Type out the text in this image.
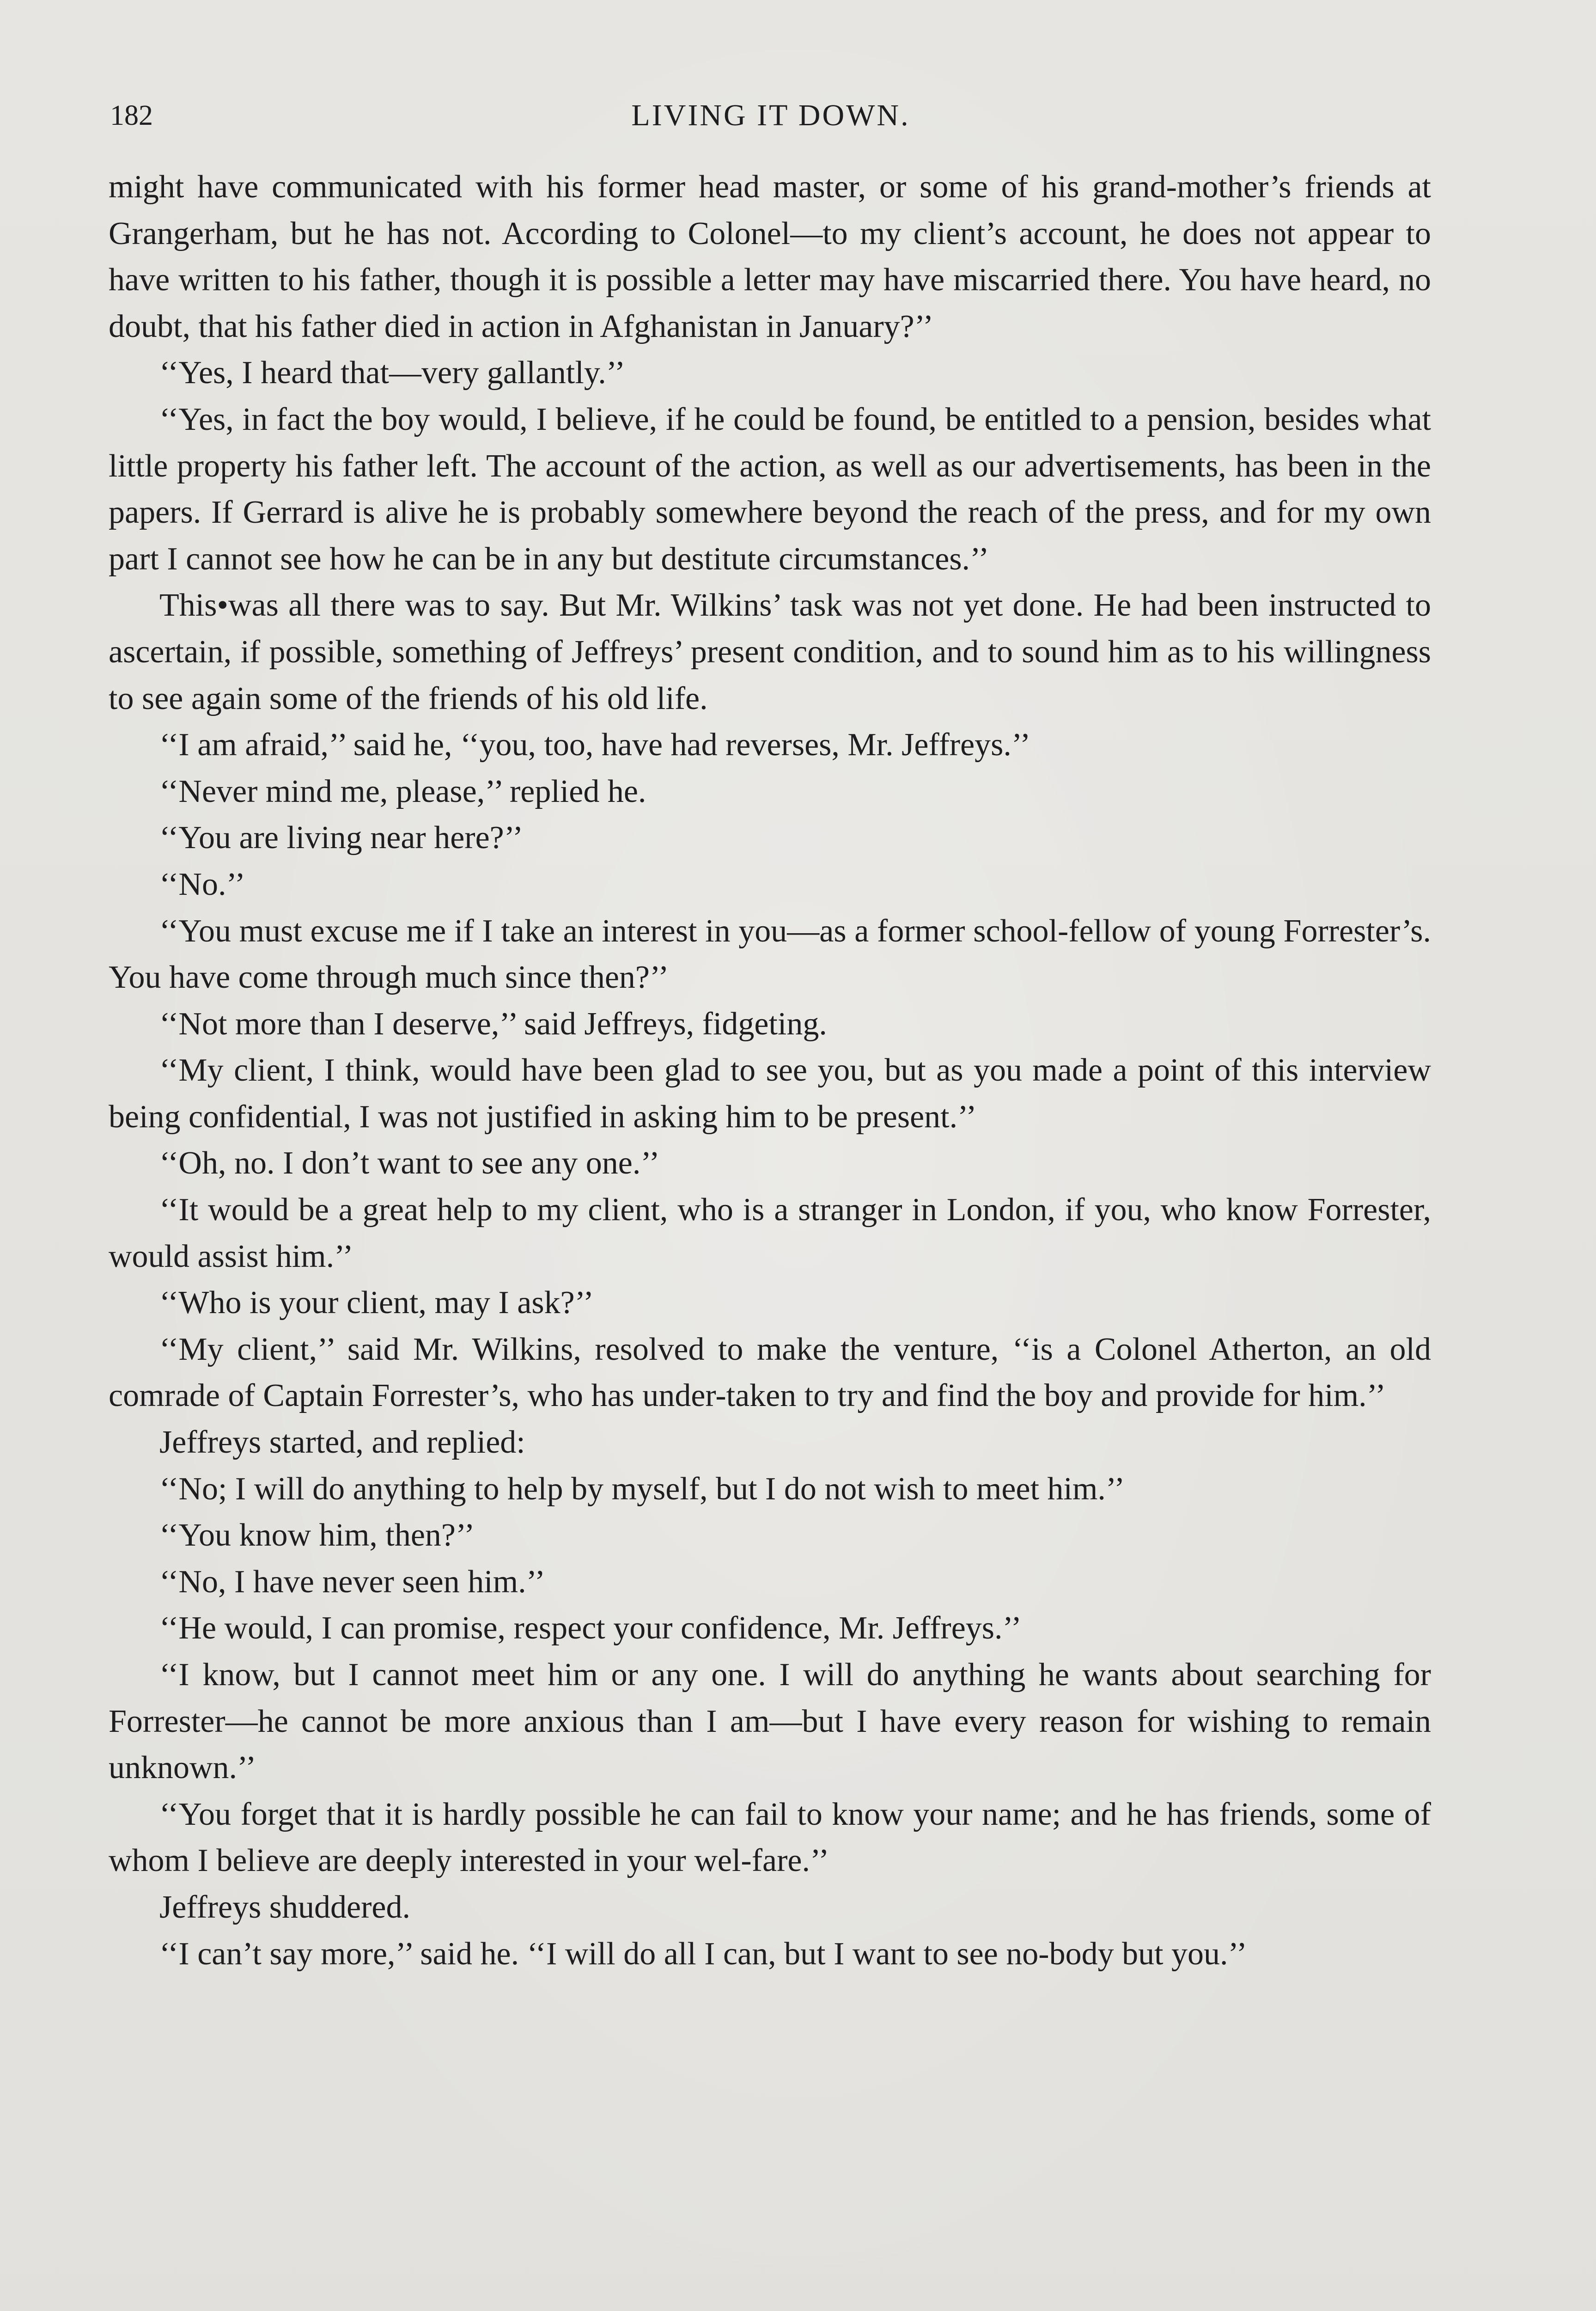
182	LIVING IT DOWN.

might have communicated with his former head master, or some of his grand-mother’s friends at Grangerham, but he has not. According to Colonel—to my client’s account, he does not appear to have written to his father, though it is possible a letter may have miscarried there. You have heard, no doubt, that his father died in action in Afghanistan in January?’’

‘‘Yes, I heard that—very gallantly.’’

‘‘Yes, in fact the boy would, I believe, if he could be found, be entitled to a pension, besides what little property his father left. The account of the action, as well as our advertisements, has been in the papers. If Gerrard is alive he is probably somewhere beyond the reach of the press, and for my own part I cannot see how he can be in any but destitute circumstances.’’

This•was all there was to say. But Mr. Wilkins’ task was not yet done. He had been instructed to ascertain, if possible, something of Jeffreys’ present condition, and to sound him as to his willingness to see again some of the friends of his old life.

‘‘I am afraid,’’ said he, ‘‘you, too, have had reverses, Mr. Jeffreys.’’

‘‘Never mind me, please,’’ replied he.

‘‘You are living near here?’’

‘‘No.’’

‘‘You must excuse me if I take an interest in you—as a former school-fellow of young Forrester’s. You have come through much since then?’’

‘‘Not more than I deserve,’’ said Jeffreys, fidgeting.

‘‘My client, I think, would have been glad to see you, but as you made a point of this interview being confidential, I was not justified in asking him to be present.’’

‘‘Oh, no. I don’t want to see any one.’’

‘‘It would be a great help to my client, who is a stranger in London, if you, who know Forrester, would assist him.’’

‘‘Who is your client, may I ask?’’

‘‘My client,’’ said Mr. Wilkins, resolved to make the venture, ‘‘is a Colonel Atherton, an old comrade of Captain Forrester’s, who has under-taken to try and find the boy and provide for him.’’

Jeffreys started, and replied:

‘‘No; I will do anything to help by myself, but I do not wish to meet him.’’

‘‘You know him, then?’’

‘‘No, I have never seen him.’’

‘‘He would, I can promise, respect your confidence, Mr. Jeffreys.’’

‘‘I know, but I cannot meet him or any one. I will do anything he wants about searching for Forrester—he cannot be more anxious than I am—but I have every reason for wishing to remain unknown.’’

‘‘You forget that it is hardly possible he can fail to know your name; and he has friends, some of whom I believe are deeply interested in your wel-fare.’’

Jeffreys shuddered.

‘‘I can’t say more,’’ said he. ‘‘I will do all I can, but I want to see no-body but you.’’
